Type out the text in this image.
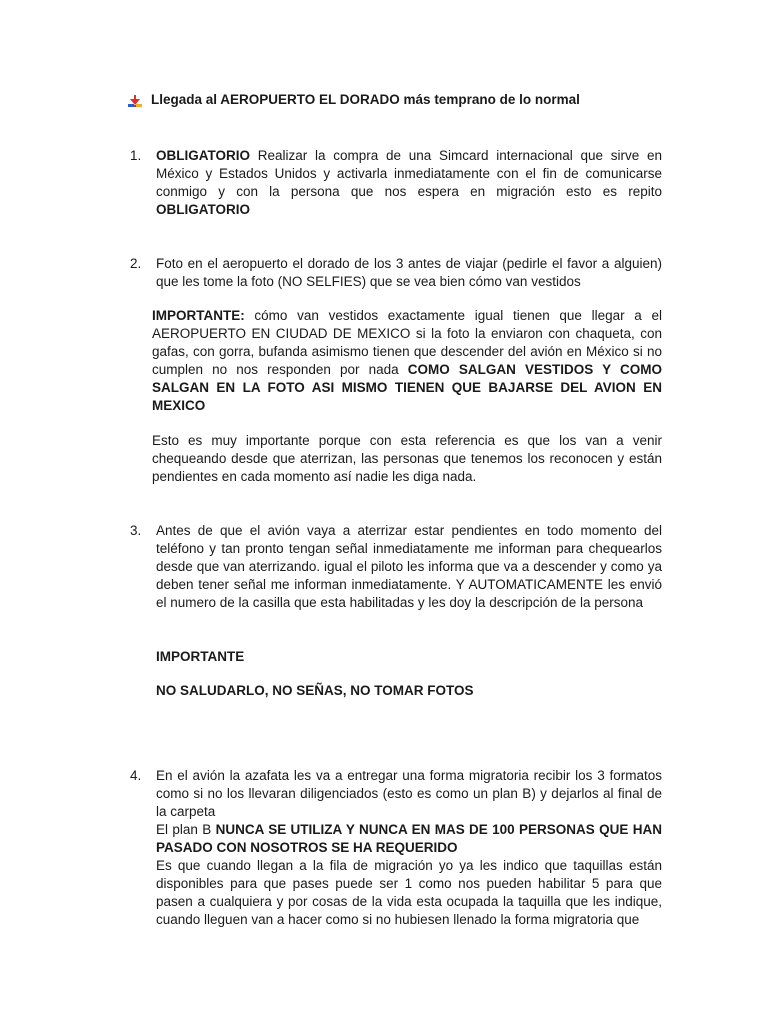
Llegada al AEROPUERTO EL DORADO más temprano de lo normal
1.	OBLIGATORIO Realizar la compra de una Simcard internacional que sirve en México y Estados Unidos y activarla inmediatamente con el fin de comunicarse conmigo y con la persona que nos espera en migración esto es repito OBLIGATORIO
2.	Foto en el aeropuerto el dorado de los 3 antes de viajar (pedirle el favor a alguien) que les tome la foto (NO SELFIES) que se vea bien cómo van vestidos
IMPORTANTE: cómo van vestidos exactamente igual tienen que llegar a el AEROPUERTO EN CIUDAD DE MEXICO si la foto la enviaron con chaqueta, con gafas, con gorra, bufanda asimismo tienen que descender del avión en México si no cumplen no nos responden por nada COMO SALGAN VESTIDOS Y COMO SALGAN EN LA FOTO ASI MISMO TIENEN QUE BAJARSE DEL AVION EN MEXICO
Esto es muy importante porque con esta referencia es que los van a venir chequeando desde que aterrizan, las personas que tenemos los reconocen y están pendientes en cada momento así nadie les diga nada.
3.	Antes de que el avión vaya a aterrizar estar pendientes en todo momento del teléfono y tan pronto tengan señal inmediatamente me informan para chequearlos desde que van aterrizando. igual el piloto les informa que va a descender y como ya deben tener señal me informan inmediatamente. Y AUTOMATICAMENTE les envió el numero de la casilla que esta habilitadas y les doy la descripción de la persona
IMPORTANTE
NO SALUDARLO, NO SEÑAS, NO TOMAR FOTOS
4.	En el avión la azafata les va a entregar una forma migratoria recibir los 3 formatos como si no los llevaran diligenciados (esto es como un plan B) y dejarlos al final de la carpeta

El plan B NUNCA SE UTILIZA Y NUNCA EN MAS DE 100 PERSONAS QUE HAN PASADO CON NOSOTROS SE HA REQUERIDO

Es que cuando llegan a la fila de migración yo ya les indico que taquillas están disponibles para que pases puede ser 1 como nos pueden habilitar 5 para que pasen a cualquiera y por cosas de la vida esta ocupada la taquilla que les indique, cuando lleguen van a hacer como si no hubiesen llenado la forma migratoria que
